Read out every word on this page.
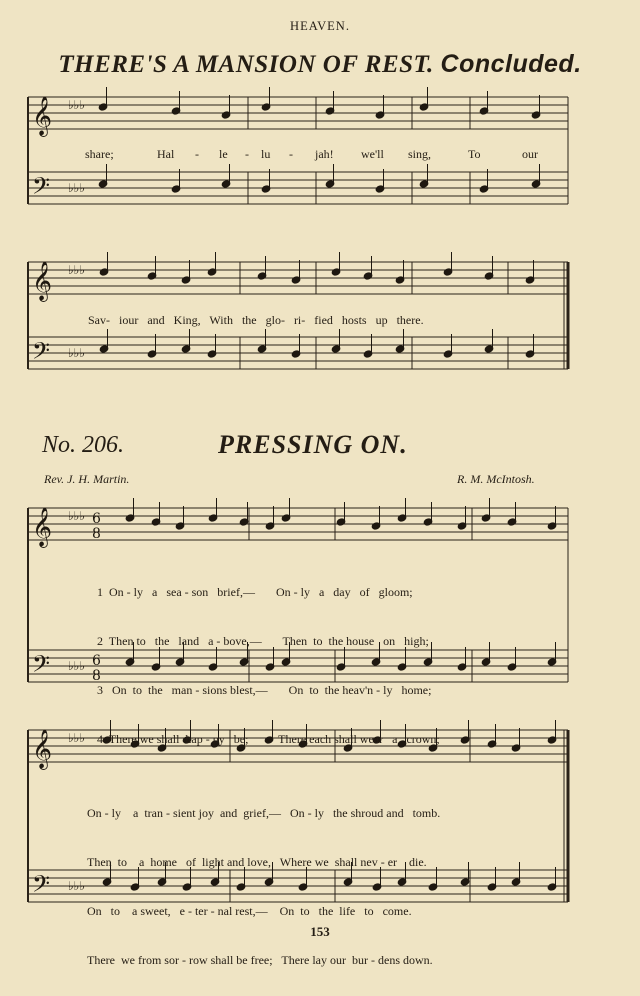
HEAVEN.
THERE'S A MANSION OF REST. Concluded.
𝄞
𝄢
♭♭♭
♭♭♭
𝄞
𝄢
♭♭♭
♭♭♭
𝄞
𝄢
♭♭♭
♭♭♭
𝄞
𝄢
♭♭♭
♭♭♭
6
8
6
8
share;	Hal - le - lu - jah! we'll sing,	To	our
Sav- iour and King, With the glo- ri- fied hosts up there.
No. 206.	PRESSING ON.
Rev. J. H. Martin.	R. M. McIntosh.

1  On - ly   a   sea - son   brief,—       On - ly   a   day   of   gloom;

2  Then to   the   land   a - bove,—       Then  to  the house   on   high;

3   On  to  the   man - sions blest,—       On  to  the heav'n - ly   home;

4  There we shall  hap - py   be;          There each shall wear   a   crown;

On - ly    a  tran - sient joy  and  grief,—   On - ly   the shroud and   tomb.

Then  to    a  home   of  light and love,   Where we  shall nev - er    die.

On   to    a sweet,   e - ter - nal rest,—    On  to   the  life   to   come.

There  we from sor - row shall be free;   There lay our  bur - dens down.

153
